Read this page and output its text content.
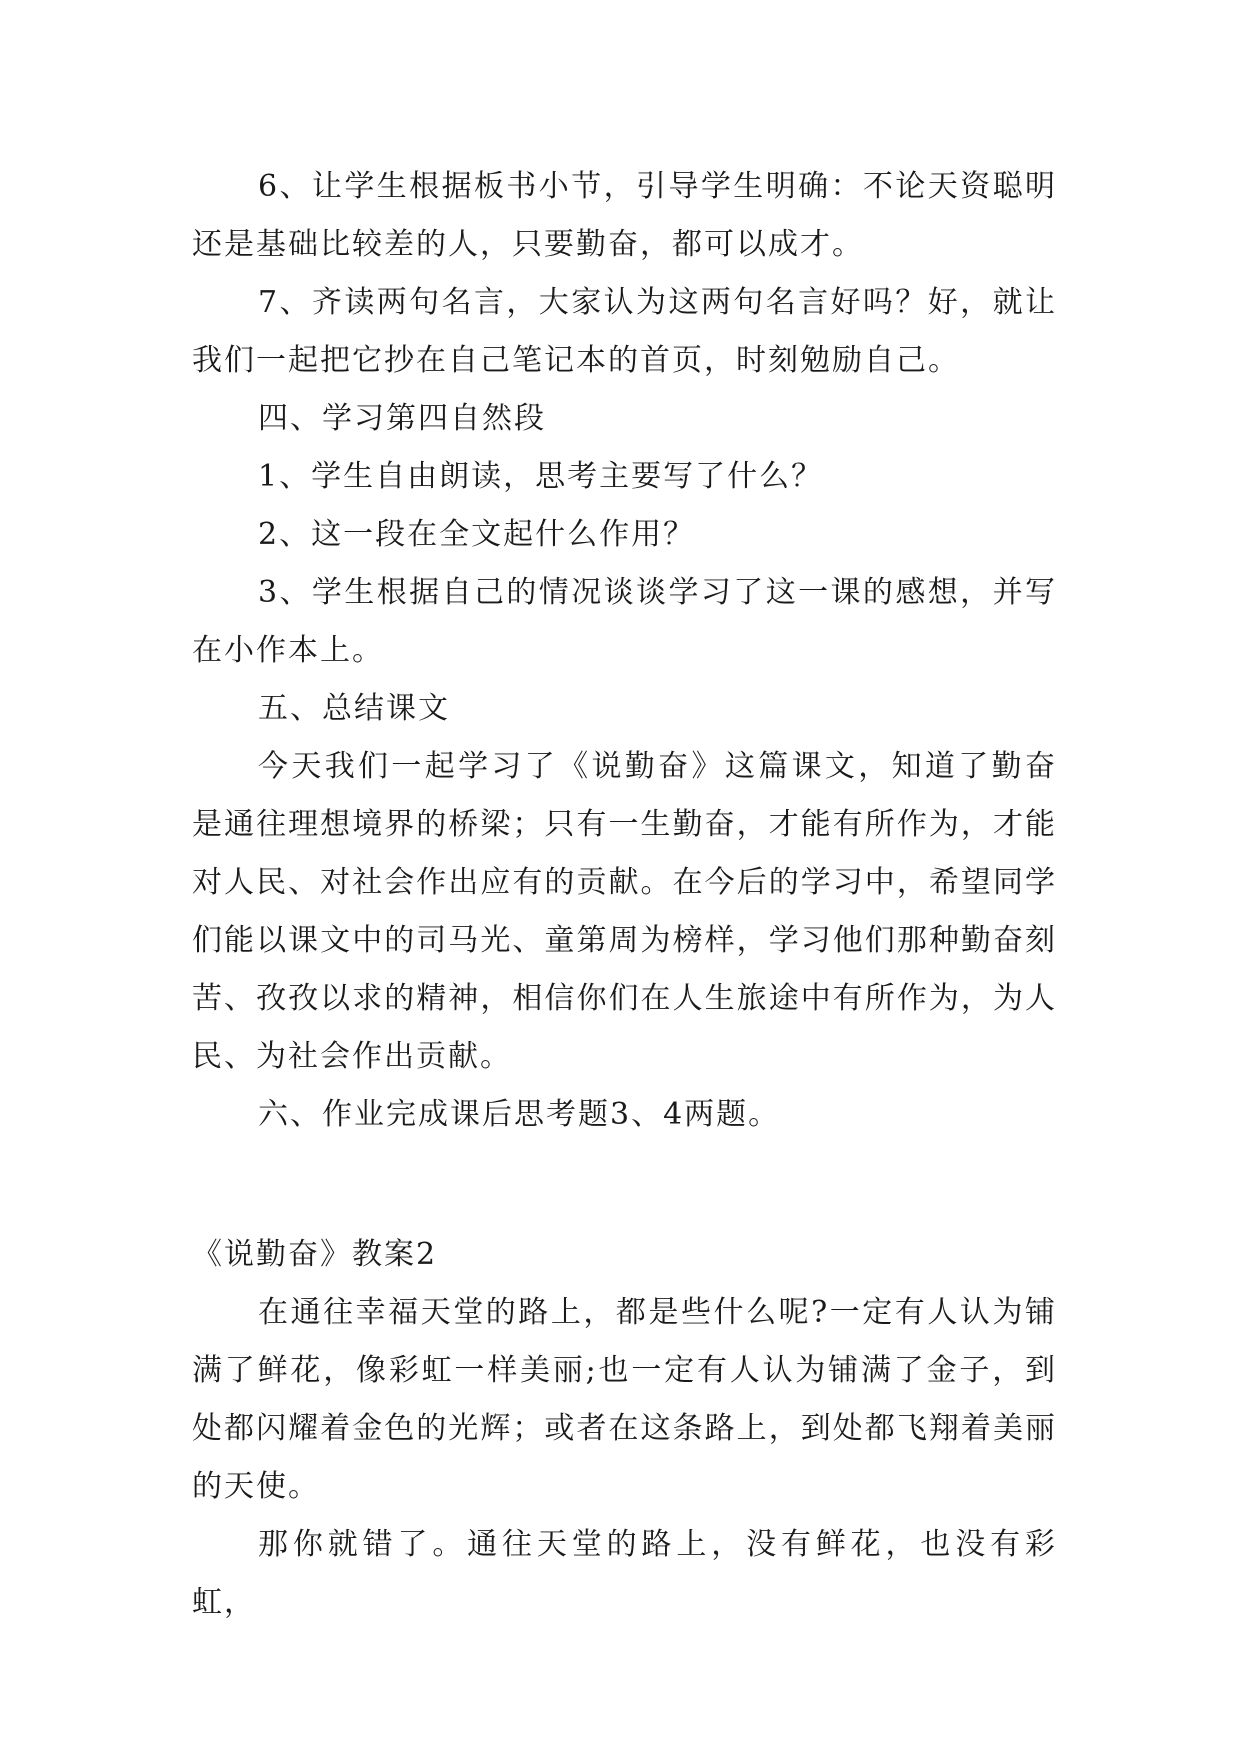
6、让学生根据板书小节，引导学生明确：不论天资聪明还是基础比较差的人，只要勤奋，都可以成才。

7、齐读两句名言，大家认为这两句名言好吗？好，就让我们一起把它抄在自己笔记本的首页，时刻勉励自己。

四、学习第四自然段

1、学生自由朗读，思考主要写了什么？

2、这一段在全文起什么作用？

3、学生根据自己的情况谈谈学习了这一课的感想，并写在小作本上。

五、总结课文

今天我们一起学习了《说勤奋》这篇课文，知道了勤奋是通往理想境界的桥梁；只有一生勤奋，才能有所作为，才能对人民、对社会作出应有的贡献。在今后的学习中，希望同学们能以课文中的司马光、童第周为榜样，学习他们那种勤奋刻苦、孜孜以求的精神，相信你们在人生旅途中有所作为，为人民、为社会作出贡献。

六、作业完成课后思考题3、4两题。

《说勤奋》教案2

在通往幸福天堂的路上，都是些什么呢?一定有人认为铺满了鲜花，像彩虹一样美丽;也一定有人认为铺满了金子，到处都闪耀着金色的光辉；或者在这条路上，到处都飞翔着美丽的天使。

那你就错了。通往天堂的路上，没有鲜花，也没有彩虹，
